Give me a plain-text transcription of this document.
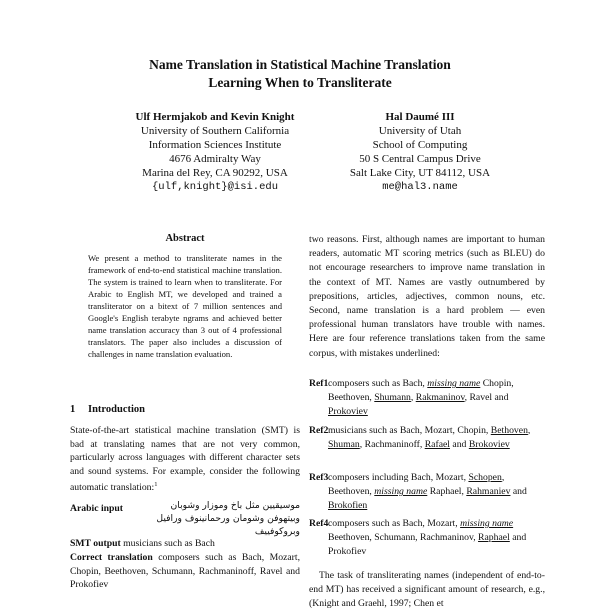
Name Translation in Statistical Machine Translation
Learning When to Transliterate
Ulf Hermjakob and Kevin Knight
University of Southern California
Information Sciences Institute
4676 Admiralty Way
Marina del Rey, CA 90292, USA
{ulf,knight}@isi.edu
Hal Daumé III
University of Utah
School of Computing
50 S Central Campus Drive
Salt Lake City, UT 84112, USA
me@hal3.name
Abstract
We present a method to transliterate names in the framework of end-to-end statistical machine translation. The system is trained to learn when to transliterate. For Arabic to English MT, we developed and trained a transliterator on a bitext of 7 million sentences and Google's English terabyte ngrams and achieved better name translation accuracy than 3 out of 4 professional translators. The paper also includes a discussion of challenges in name translation evaluation.
1 Introduction
State-of-the-art statistical machine translation (SMT) is bad at translating names that are not very common, particularly across languages with different character sets and sound systems. For example, consider the following automatic translation:$^1$
Arabic input	موسيقيين مثل باخ وموزار وشوبان وبيتهوفن وشومان ورحمانينوف ورافيل وبروكوفييف
SMT output musicians such as Bach
Correct translation composers such as Bach, Mozart, Chopin, Beethoven, Schumann, Rachmaninoff, Ravel and Prokofiev
two reasons. First, although names are important to human readers, automatic MT scoring metrics (such as BLEU) do not encourage researchers to improve name translation in the context of MT. Names are vastly outnumbered by prepositions, articles, adjectives, common nouns, etc. Second, name translation is a hard problem — even professional human translators have trouble with names. Here are four reference translations taken from the same corpus, with mistakes underlined:
Ref1 composers such as Bach, missing name Chopin, Beethoven, Shumann, Rakmaninov, Ravel and Prokoviev
Ref2 musicians such as Bach, Mozart, Chopin, Bethoven, Shuman, Rachmaninoff, Rafael and Brokoviev
Ref3 composers including Bach, Mozart, Schopen, Beethoven, missing name Raphael, Rahmaniev and Brokofien
Ref4 composers such as Bach, Mozart, missing name Beethoven, Schumann, Rachmaninov, Raphael and Prokofiev
The task of transliterating names (independent of end-to-end MT) has received a significant amount of research, e.g., (Knight and Graehl, 1997; Chen et
